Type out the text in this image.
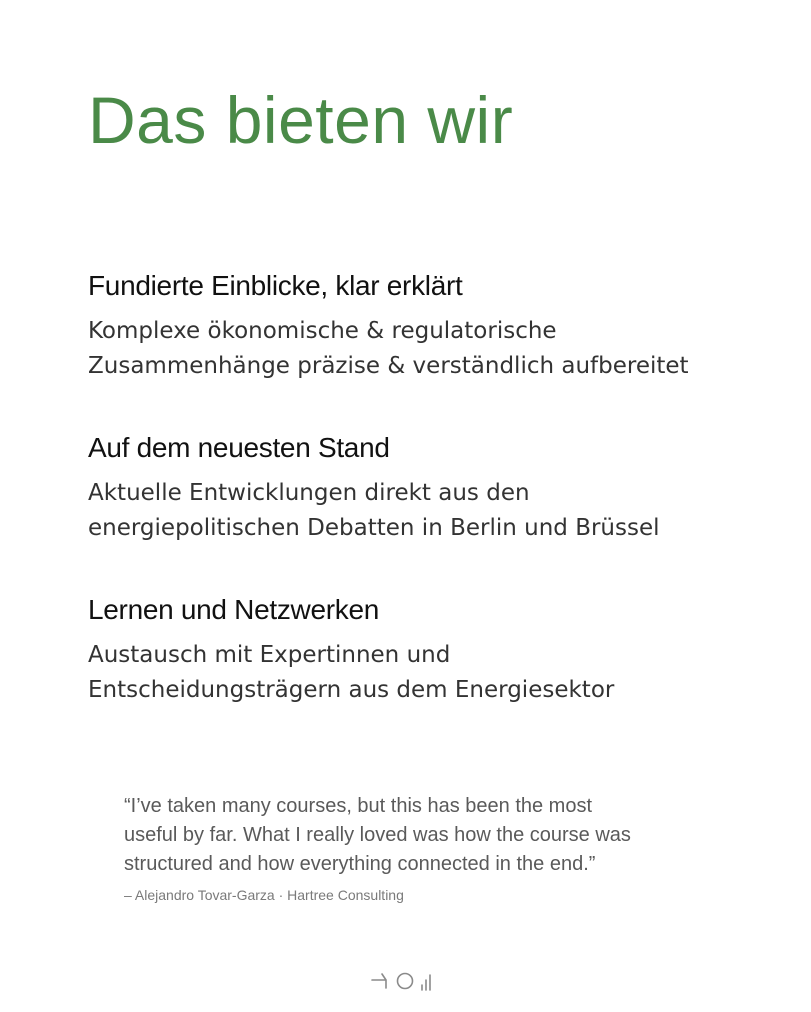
Das bieten wir
Fundierte Einblicke, klar erklärt

Komplexe ökonomische & regulatorische
Zusammenhänge präzise & verständlich aufbereitet

Auf dem neuesten Stand

Aktuelle Entwicklungen direkt aus den
energiepolitischen Debatten in Berlin und Brüssel

Lernen und Netzwerken

Austausch mit Expertinnen und
Entscheidungsträgern aus dem Energiesektor

“I’ve taken many courses, but this has been the most
useful by far. What I really loved was how the course was
structured and how everything connected in the end.”

– Alejandro Tovar-Garza · Hartree Consulting
